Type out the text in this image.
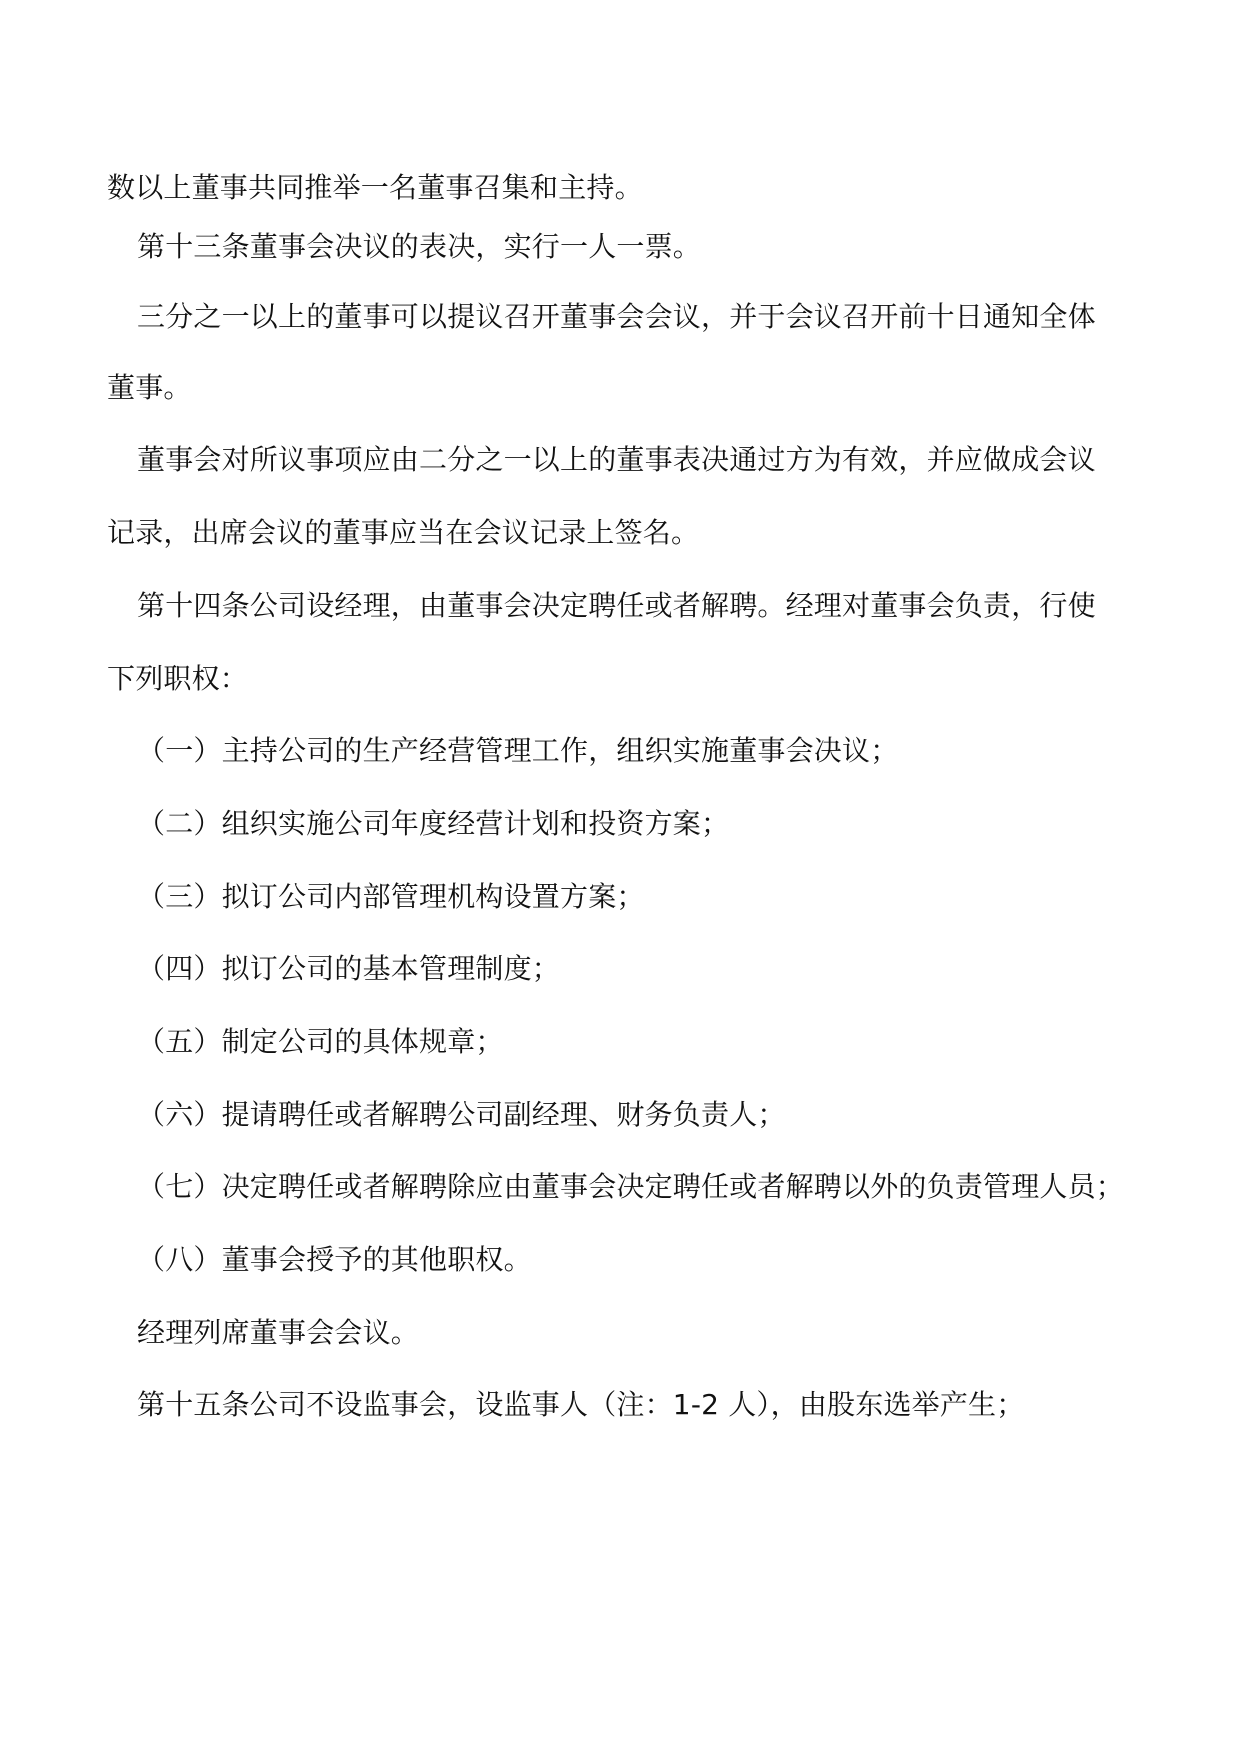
数以上董事共同推举一名董事召集和主持。
第十三条董事会决议的表决，实行一人一票。
三分之一以上的董事可以提议召开董事会会议，并于会议召开前十日通知全体
董事。
董事会对所议事项应由二分之一以上的董事表决通过方为有效，并应做成会议
记录，出席会议的董事应当在会议记录上签名。
第十四条公司设经理，由董事会决定聘任或者解聘。经理对董事会负责，行使
下列职权：
（一）主持公司的生产经营管理工作，组织实施董事会决议；
（二）组织实施公司年度经营计划和投资方案；
（三）拟订公司内部管理机构设置方案；
（四）拟订公司的基本管理制度；
（五）制定公司的具体规章；
（六）提请聘任或者解聘公司副经理、财务负责人；
（七）决定聘任或者解聘除应由董事会决定聘任或者解聘以外的负责管理人员；
（八）董事会授予的其他职权。
经理列席董事会会议。
第十五条公司不设监事会，设监事人（注：1-2 人），由股东选举产生；
